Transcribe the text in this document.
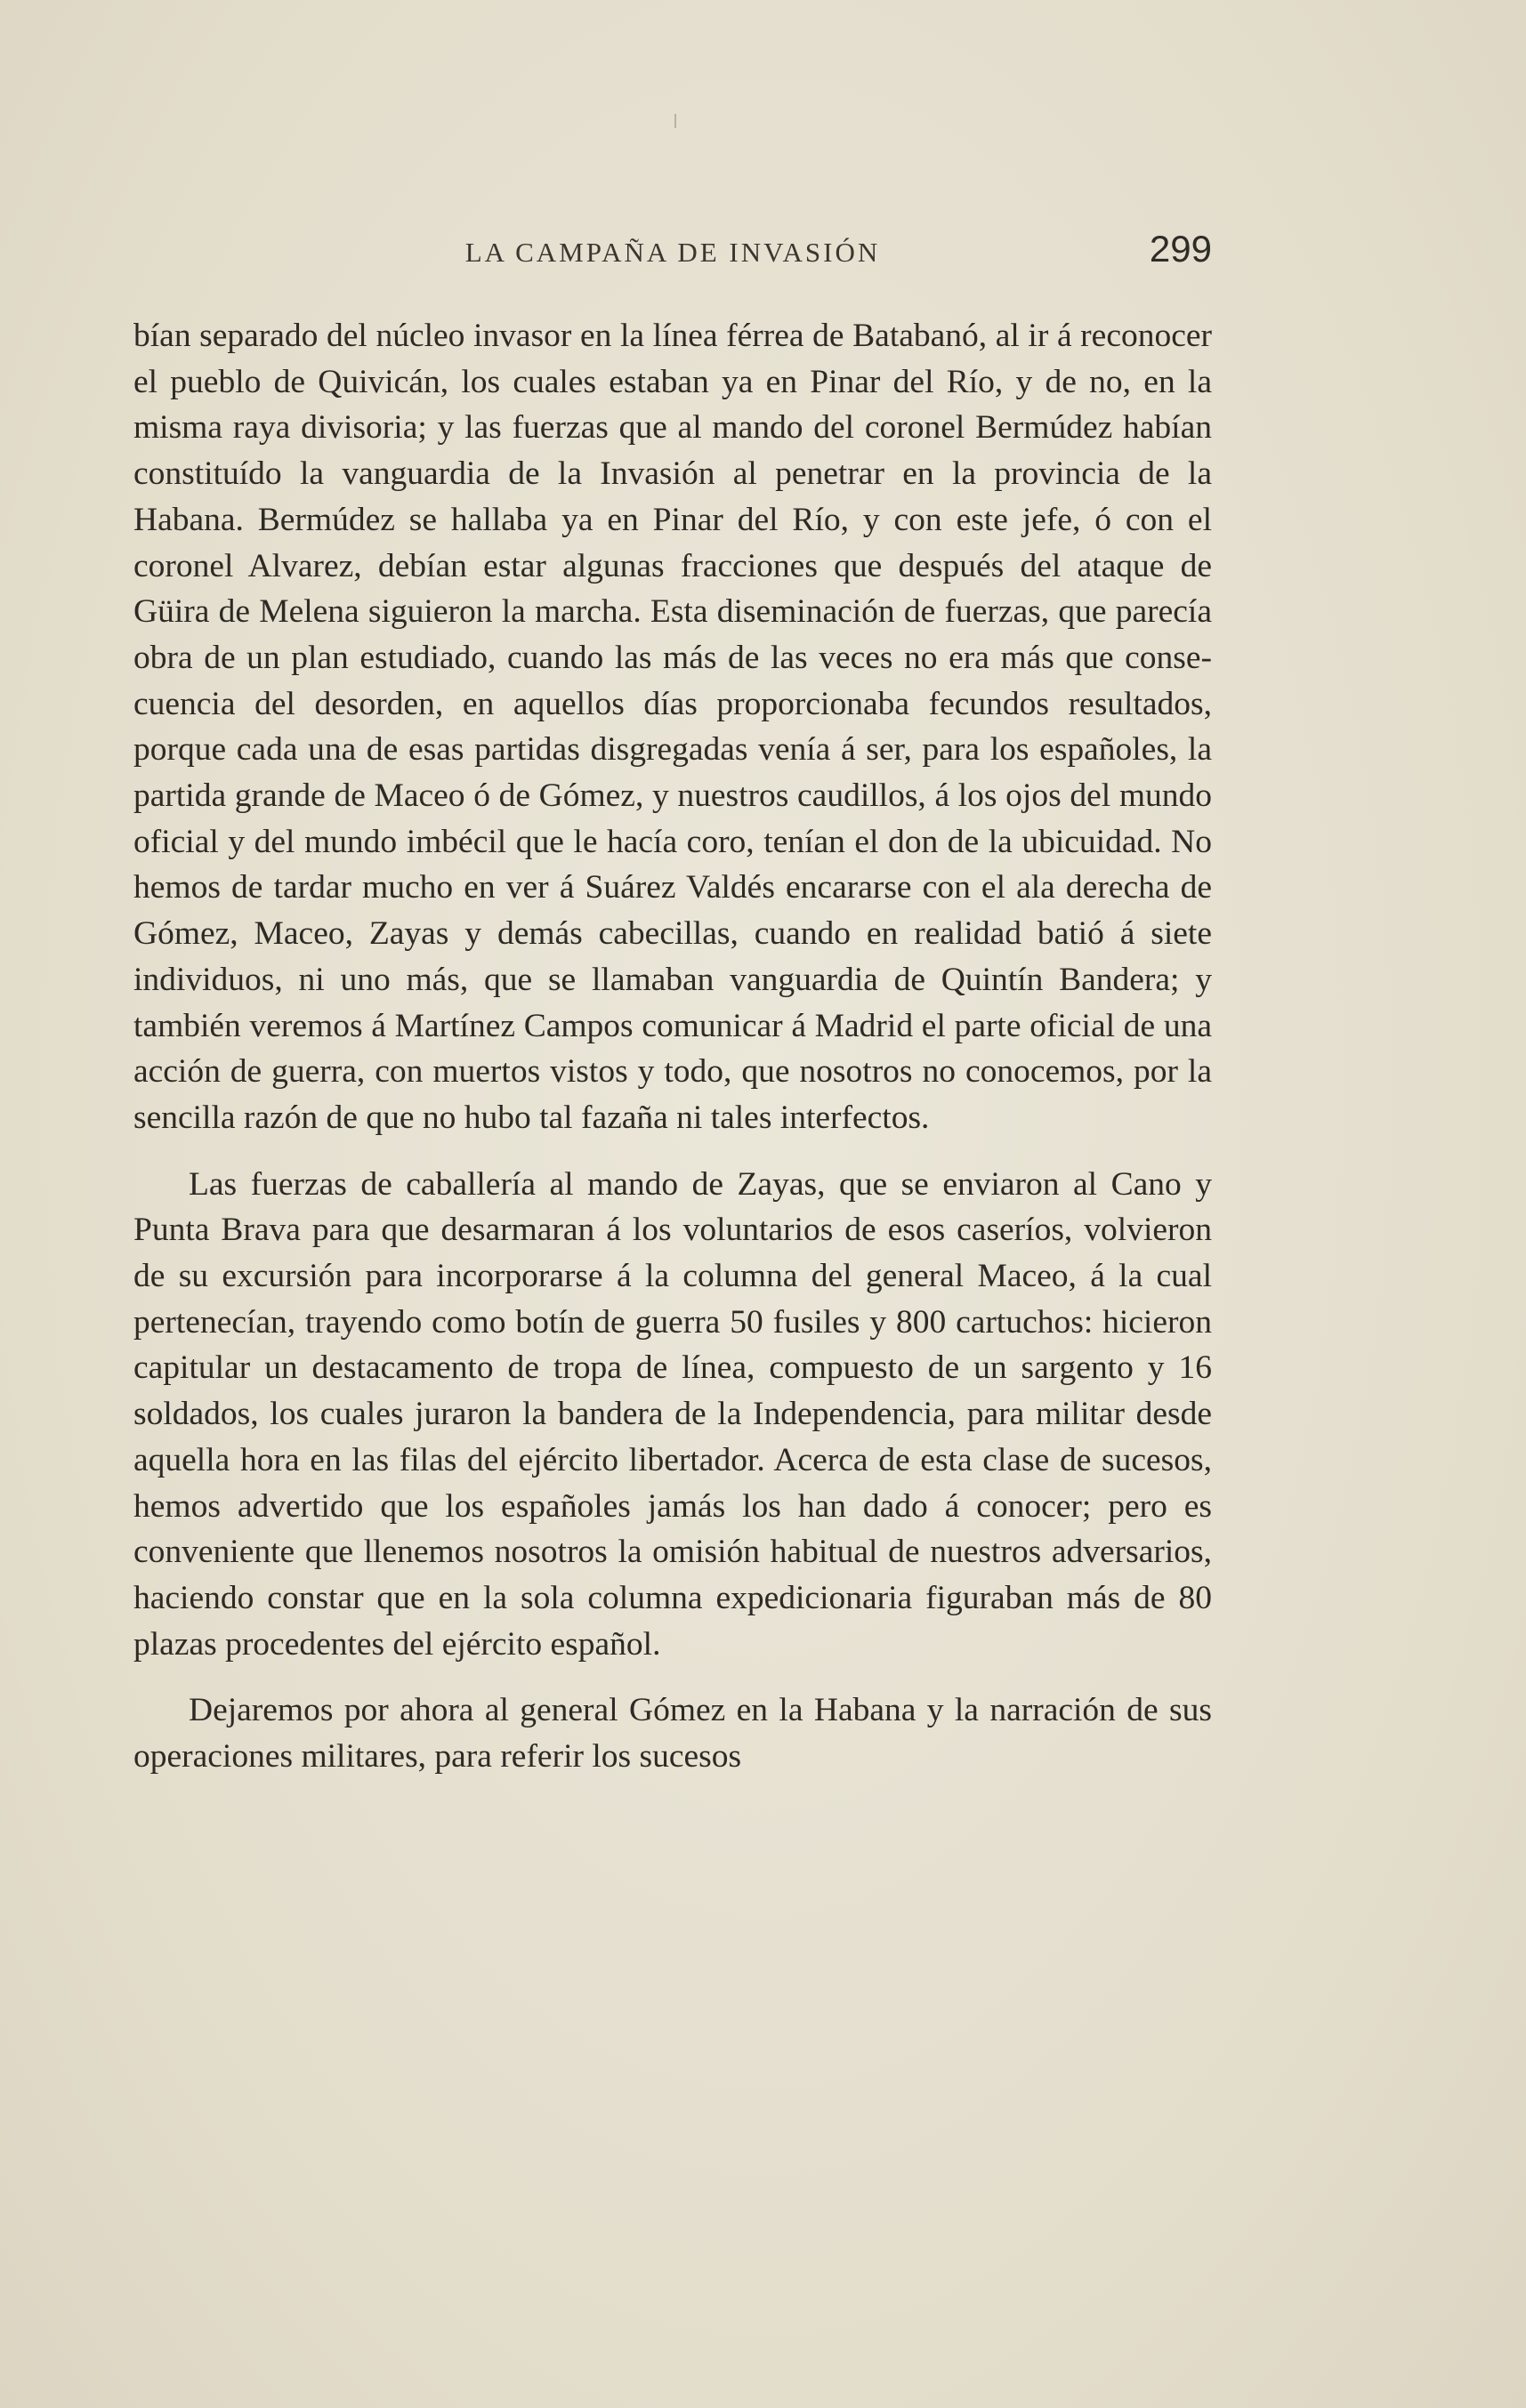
LA CAMPAÑA DE INVASIÓN	299

bían separado del núcleo invasor en la línea férrea de Batabanó, al ir á reconocer el pueblo de Quivicán, los cuales estaban ya en Pinar del Río, y de no, en la misma raya divisoria; y las fuerzas que al mando del coronel Bermúdez habían constituído la vanguardia de la Invasión al penetrar en la provincia de la Habana. Bermúdez se hallaba ya en Pinar del Río, y con este jefe, ó con el coronel Alvarez, debían estar algunas fracciones que después del ataque de Güira de Melena siguieron la marcha. Esta diseminación de fuerzas, que parecía obra de un plan estudiado, cuando las más de las veces no era más que consecuencia del desorden, en aquellos días proporcionaba fecundos resultados, porque cada una de esas partidas disgregadas venía á ser, para los españoles, la partida grande de Maceo ó de Gómez, y nuestros caudillos, á los ojos del mundo oficial y del mundo imbécil que le hacía coro, tenían el don de la ubicuidad. No hemos de tardar mucho en ver á Suárez Valdés encararse con el ala derecha de Gómez, Maceo, Zayas y demás cabecillas, cuando en realidad batió á siete individuos, ni uno más, que se llamaban vanguardia de Quintín Bandera; y también veremos á Martínez Campos comunicar á Madrid el parte oficial de una acción de guerra, con muertos vistos y todo, que nosotros no conocemos, por la sencilla razón de que no hubo tal fazaña ni tales interfectos.

Las fuerzas de caballería al mando de Zayas, que se enviaron al Cano y Punta Brava para que desarmaran á los voluntarios de esos caseríos, volvieron de su excursión para incorporarse á la columna del general Maceo, á la cual pertenecían, trayendo como botín de guerra 50 fusiles y 800 cartuchos: hicieron capitular un destacamento de tropa de línea, compuesto de un sargento y 16 soldados, los cuales juraron la bandera de la Independencia, para militar desde aquella hora en las filas del ejército libertador. Acerca de esta clase de sucesos, hemos advertido que los españoles jamás los han dado á conocer; pero es conveniente que llenemos nosotros la omisión habitual de nuestros adversarios, haciendo constar que en la sola columna expedicionaria figuraban más de 80 plazas procedentes del ejército español.

Dejaremos por ahora al general Gómez en la Habana y la narración de sus operaciones militares, para referir los sucesos
